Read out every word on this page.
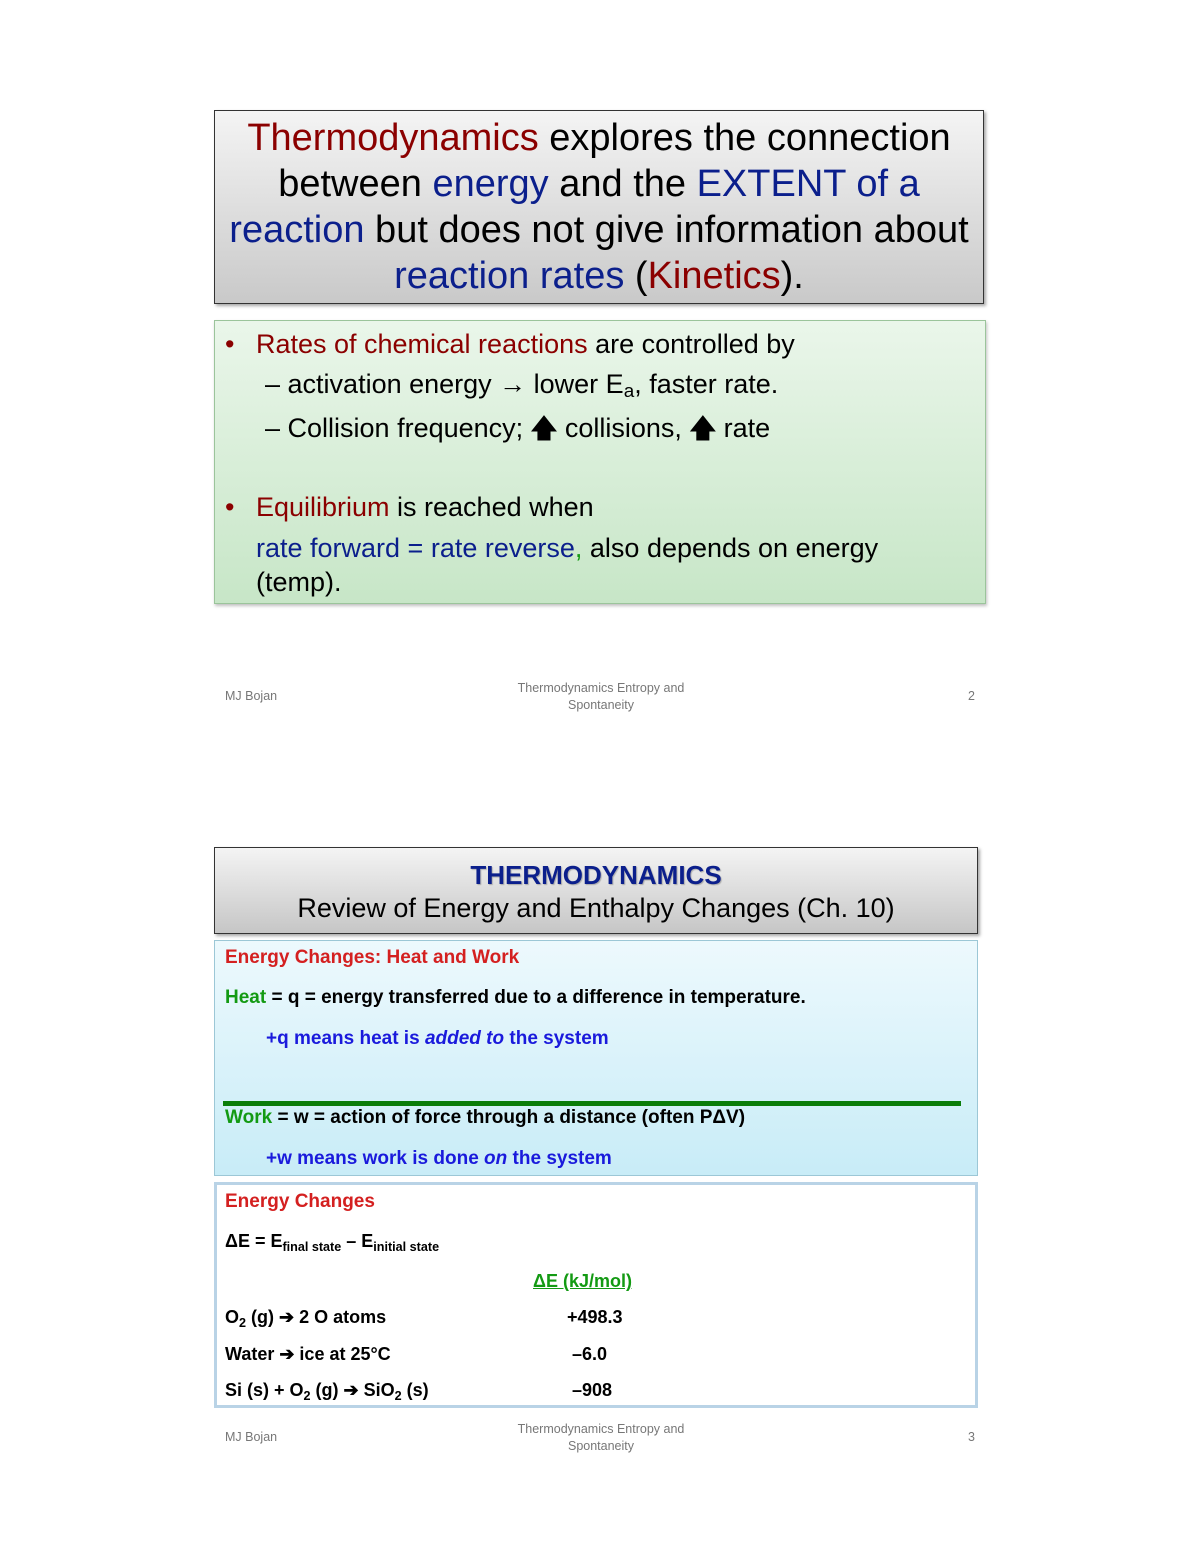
Thermodynamics explores the connection
between energy and the EXTENT of a
reaction but does not give information about
reaction rates (Kinetics).
• Rates of chemical reactions are controlled by
– activation energy → lower $E_a$, faster rate.
– Collision frequency; 🡅 collisions, 🡅 rate
• Equilibrium is reached when
rate forward = rate reverse, also depends on energy
(temp).
MJ Bojan
Thermodynamics Entropy and
Spontaneity
2
THERMODYNAMICS
Review of Energy and Enthalpy Changes (Ch. 10)
Energy Changes: Heat and Work
Heat = q = energy transferred due to a difference in temperature.
+q means heat is added to the system
Work = w = action of force through a distance (often PΔV)
+w means work is done on the system
Energy Changes
$\Delta E = E_{final state} - E_{initial state}$
ΔE (kJ/mol)
$O_2$ (g) ➔ 2 O atoms	+498.3
Water ➔ ice at 25°C	–6.0
Si $(s) + O_2$ (g) ➔ SiO$_2$ (s)	–908
MJ Bojan
Thermodynamics Entropy and
Spontaneity
3
